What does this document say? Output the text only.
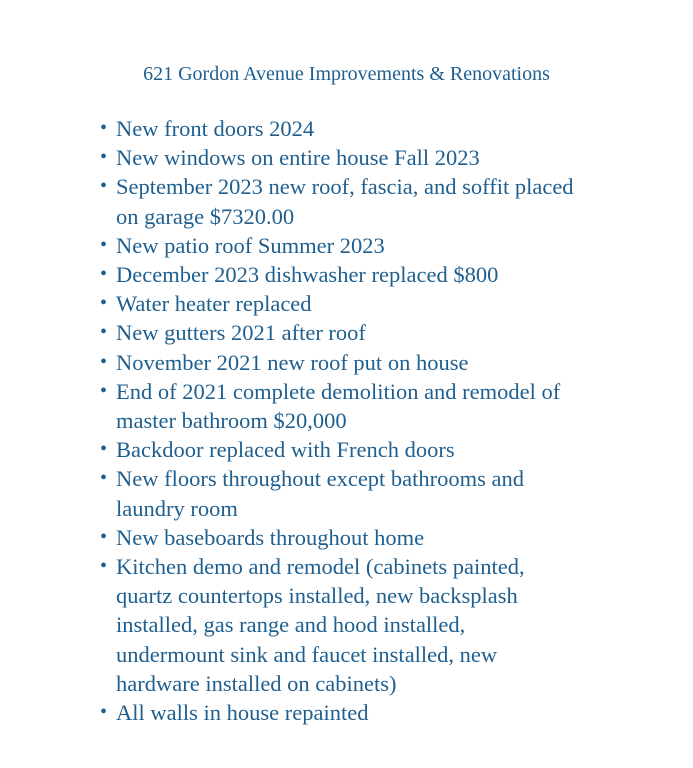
621 Gordon Avenue Improvements & Renovations
• New front doors 2024
• New windows on entire house Fall 2023
• September 2023 new roof, fascia, and soffit placed
on garage $7320.00
• New patio roof Summer 2023
• December 2023 dishwasher replaced $800
• Water heater replaced
• New gutters 2021 after roof
• November 2021 new roof put on house
• End of 2021 complete demolition and remodel of
master bathroom $20,000
• Backdoor replaced with French doors
• New floors throughout except bathrooms and
laundry room
• New baseboards throughout home
• Kitchen demo and remodel (cabinets painted,
quartz countertops installed, new backsplash
installed, gas range and hood installed,
undermount sink and faucet installed, new
hardware installed on cabinets)
• All walls in house repainted
